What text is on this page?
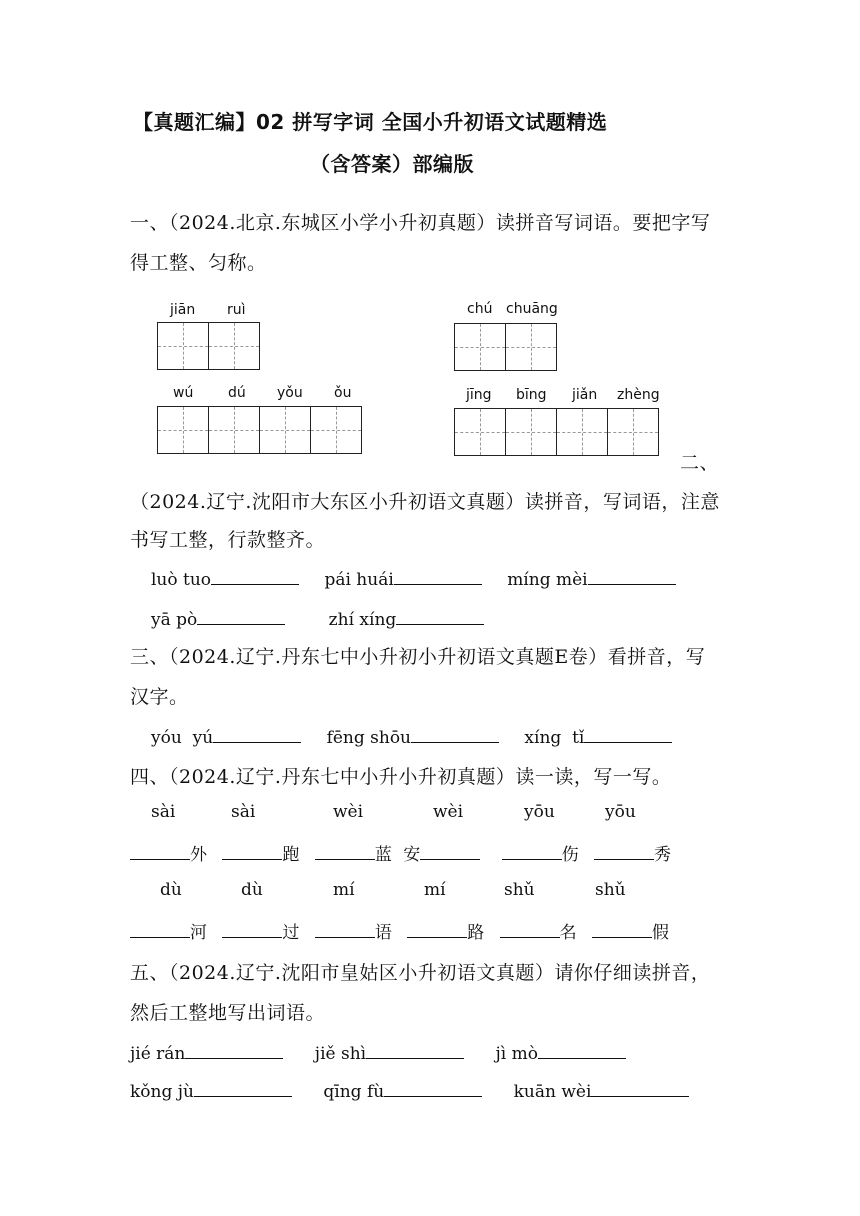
【真题汇编】02 拼写字词 全国小升初语文试题精选
（含答案）部编版
一、（2024.北京.东城区小学小升初真题）读拼音写词语。要把字写
得工整、匀称。
jiān ruì	chú chuāng
wú dú yǒu ǒu	jīng bīng jiǎn zhèng
二、
（2024.辽宁.沈阳市大东区小升初语文真题）读拼音，写词语，注意
书写工整，行款整齐。
luò tuo	pái huái	míng mèi
yā pò	zhí xíng
三、（2024.辽宁.丹东七中小升初小升初语文真题E卷）看拼音，写
汉字。
yóu  yú	fēng shōu	xíng  tǐ
四、（2024.辽宁.丹东七中小升小升初真题）读一读，写一写。
sài	sài	wèi	wèi	yōu	yōu
外	跑	蓝 安	伤	秀
dù	dù	mí	mí	shǔ	shǔ
河	过	语	路	名	假
五、（2024.辽宁.沈阳市皇姑区小升初语文真题）请你仔细读拼音，
然后工整地写出词语。
jié rán	jiě shì	jì mò
kǒng jù	qīng fù	kuān wèi
